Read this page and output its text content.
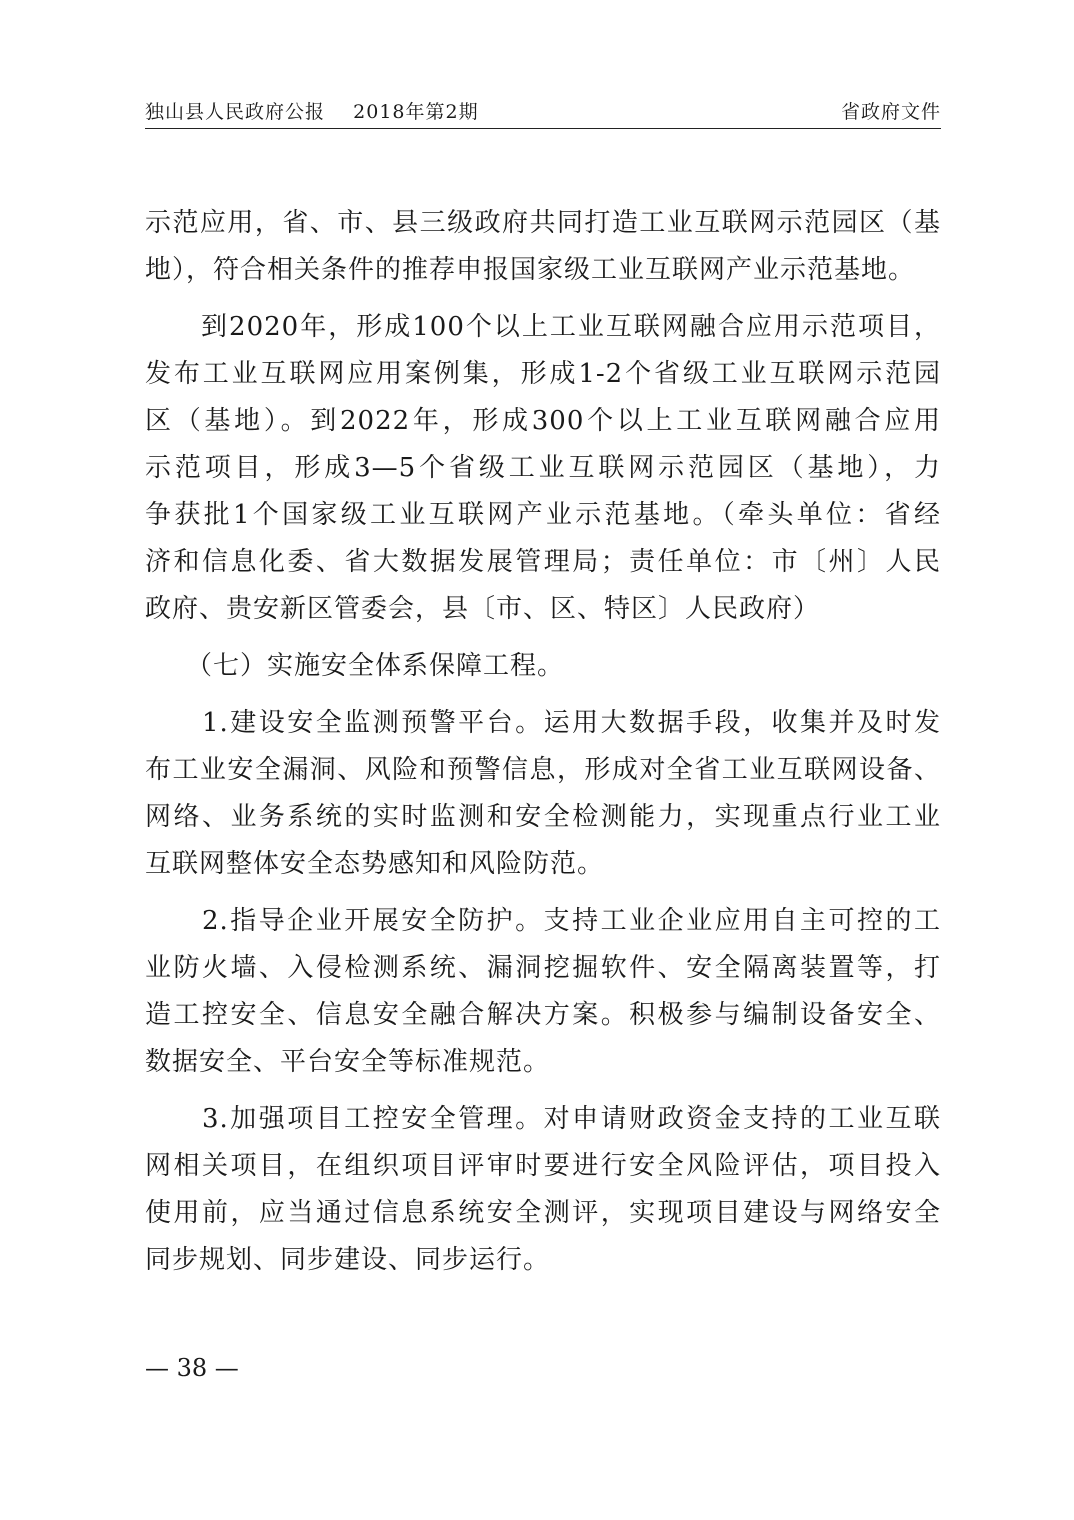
独山县人民政府公报    2018年第2期	省政府文件
示范应用，省、市、县三级政府共同打造工业互联网示范园区（基
地），符合相关条件的推荐申报国家级工业互联网产业示范基地。
　　到2020年，形成100个以上工业互联网融合应用示范项目，
发布工业互联网应用案例集，形成1-2个省级工业互联网示范园
区（基地）。到2022年，形成300个以上工业互联网融合应用
示范项目，形成3—5个省级工业互联网示范园区（基地），力
争获批1个国家级工业互联网产业示范基地。（牵头单位：省经
济和信息化委、省大数据发展管理局；责任单位：市〔州〕人民
政府、贵安新区管委会，县〔市、区、特区〕人民政府）
　　（七）实施安全体系保障工程。
　　1.建设安全监测预警平台。运用大数据手段，收集并及时发
布工业安全漏洞、风险和预警信息，形成对全省工业互联网设备、
网络、业务系统的实时监测和安全检测能力，实现重点行业工业
互联网整体安全态势感知和风险防范。
　　2.指导企业开展安全防护。支持工业企业应用自主可控的工
业防火墙、入侵检测系统、漏洞挖掘软件、安全隔离装置等，打
造工控安全、信息安全融合解决方案。积极参与编制设备安全、
数据安全、平台安全等标准规范。
　　3.加强项目工控安全管理。对申请财政资金支持的工业互联
网相关项目，在组织项目评审时要进行安全风险评估，项目投入
使用前，应当通过信息系统安全测评，实现项目建设与网络安全
同步规划、同步建设、同步运行。
— 38 —
